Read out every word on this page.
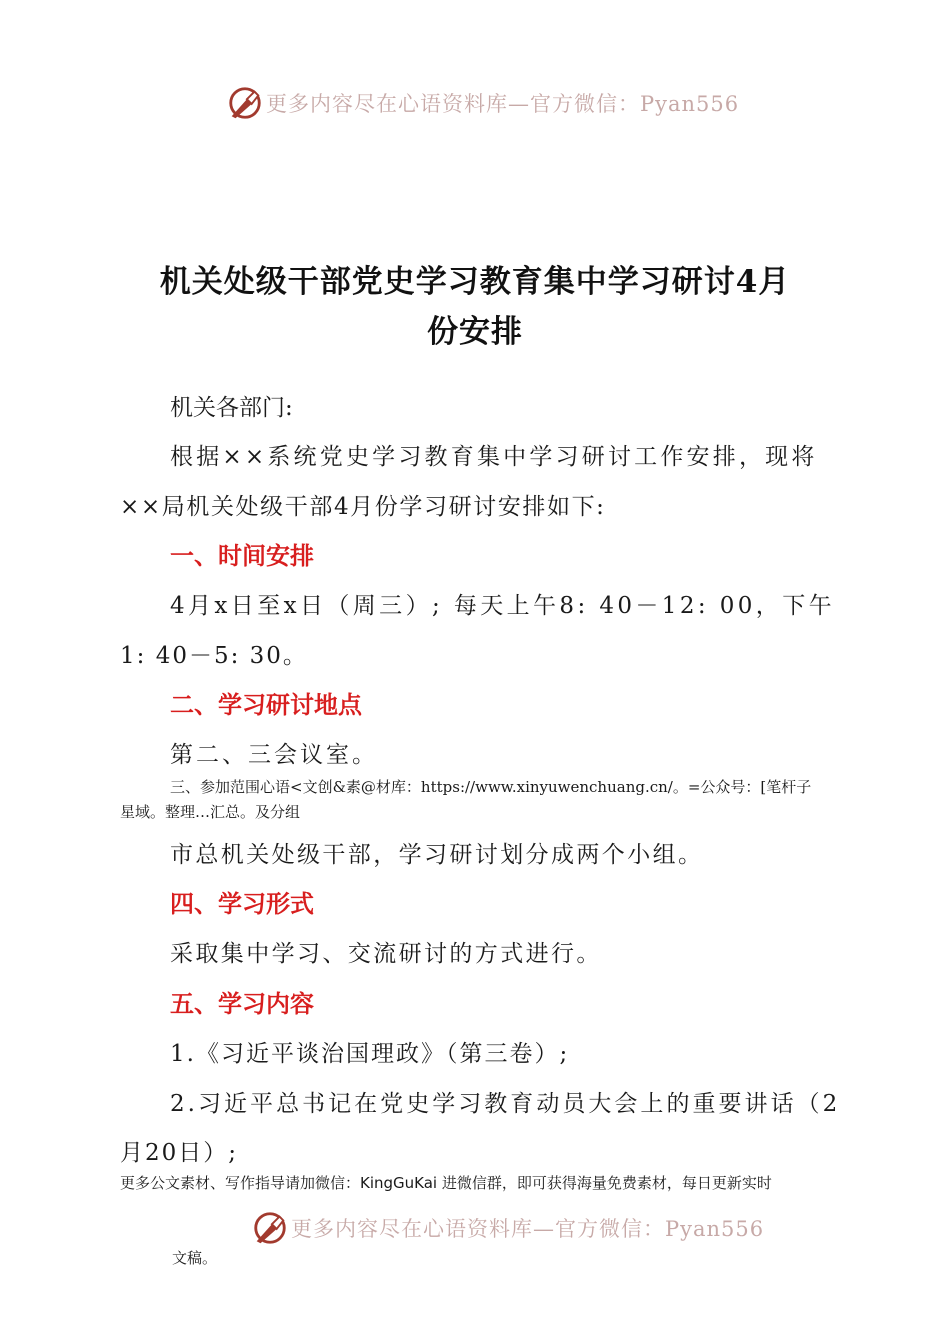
更多内容尽在心语资料库—官方微信：Pyan556
机关处级干部党史学习教育集中学习研讨4月
份安排
机关各部门:
根据××系统党史学习教育集中学习研讨工作安排，现将
××局机关处级干部4月份学习研讨安排如下:
一、时间安排
4月x日至x日（周三）; 每天上午8: 40－12: 00，下午
1: 40－5: 30。
二、学习研讨地点
第二、三会议室。
三、参加范围心语<文创&素@材库：https://www.xinyuwenchuang.cn/。=公众号：[笔杆子
星域。整理…汇总。及分组
市总机关处级干部，学习研讨划分成两个小组。
四、学习形式
采取集中学习、交流研讨的方式进行。
五、学习内容
1.《习近平谈治国理政》（第三卷）;
2.习近平总书记在党史学习教育动员大会上的重要讲话（2
月20日）;
更多公文素材、写作指导请加微信：KingGuKai 进微信群，即可获得海量免费素材，每日更新实时
更多内容尽在心语资料库—官方微信：Pyan556
文稿。
